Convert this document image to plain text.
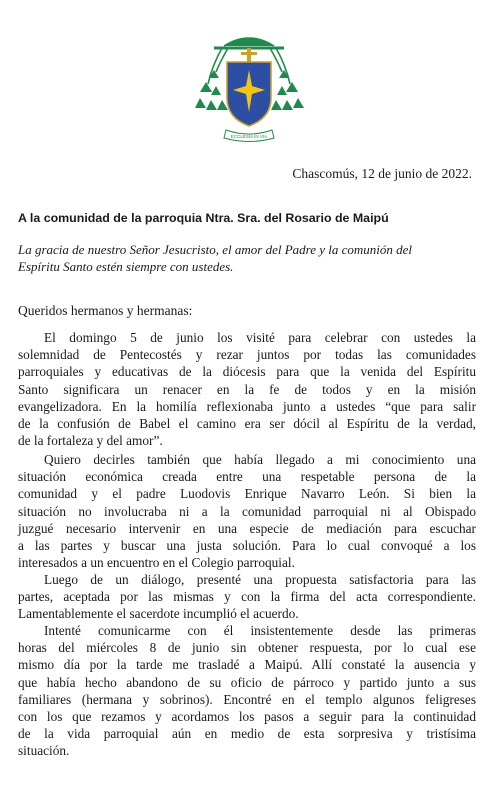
ECCLESIA IN VIA
Chascomús, 12 de junio de 2022.
A la comunidad de la parroquia Ntra. Sra. del Rosario de Maipú
La gracia de nuestro Señor Jesucristo, el amor del Padre y la comunión del
Espíritu Santo estén siempre con ustedes.
Queridos hermanos y hermanas:
El domingo 5 de junio los visité para celebrar con ustedes la
solemnidad de Pentecostés y rezar juntos por todas las comunidades
parroquiales y educativas de la diócesis para que la venida del Espíritu
Santo significara un renacer en la fe de todos y en la misión
evangelizadora. En la homilía reflexionaba junto a ustedes “que para salir
de la confusión de Babel el camino era ser dócil al Espíritu de la verdad,
de la fortaleza y del amor”.
Quiero decirles también que había llegado a mi conocimiento una
situación económica creada entre una respetable persona de la
comunidad y el padre Luodovis Enrique Navarro León. Si bien la
situación no involucraba ni a la comunidad parroquial ni al Obispado
juzgué necesario intervenir en una especie de mediación para escuchar
a las partes y buscar una justa solución. Para lo cual convoqué a los
interesados a un encuentro en el Colegio parroquial.
Luego de un diálogo, presenté una propuesta satisfactoria para las
partes, aceptada por las mismas y con la firma del acta correspondiente.
Lamentablemente el sacerdote incumplió el acuerdo.
Intenté comunicarme con él insistentemente desde las primeras
horas del miércoles 8 de junio sin obtener respuesta, por lo cual ese
mismo día por la tarde me trasladé a Maipú. Allí constaté la ausencia y
que había hecho abandono de su oficio de párroco y partido junto a sus
familiares (hermana y sobrinos). Encontré en el templo algunos feligreses
con los que rezamos y acordamos los pasos a seguir para la continuidad
de la vida parroquial aún en medio de esta sorpresiva y tristísima
situación.
